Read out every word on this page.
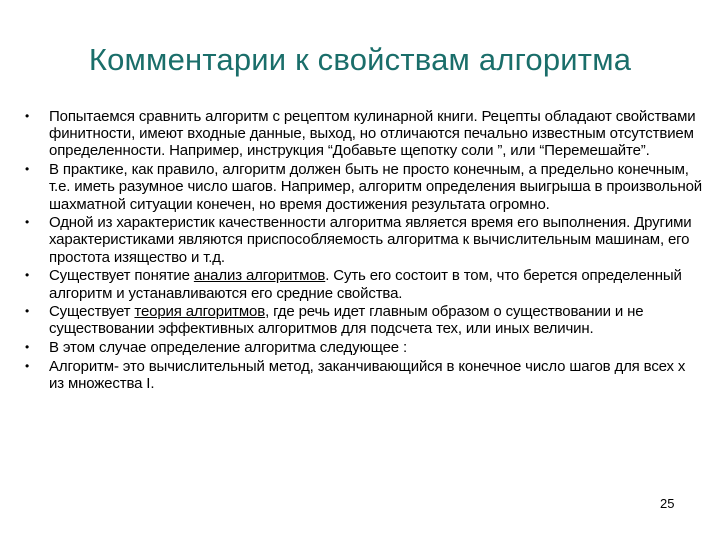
Комментарии к свойствам алгоритма
•	Попытаемся сравнить алгоритм с рецептом кулинарной книги. Рецепты обладают свойствами финитности, имеют входные данные, выход, но отличаются печально известным отсутствием определенности. Например, инструкция “Добавьте щепотку соли ”, или “Перемешайте”.
•	В практике, как правило, алгоритм должен быть не просто конечным, а предельно конечным, т.е. иметь разумное число шагов. Например, алгоритм определения выигрыша в произвольной шахматной ситуации конечен, но время достижения результата огромно.
•	Одной из характеристик качественности алгоритма является время его выполнения. Другими характериcтиками являются приспособляемость алгоритма к вычислительным машинам, его простота изящество и т.д.
•	Существует понятие анализ алгоритмов. Суть его состоит в том, что берется определенный алгоритм и устанавливаются его средние свойства.
•	Существует теория алгоритмов, где речь идет главным образом о существовании и не существовании эффективных алгоритмов для подсчета тех, или иных величин.
•	В этом случае определение алгоритма следующее :
•	Алгоритм- это вычислительный метод, заканчивающийся в конечное число шагов для всех x из множества I.
25
